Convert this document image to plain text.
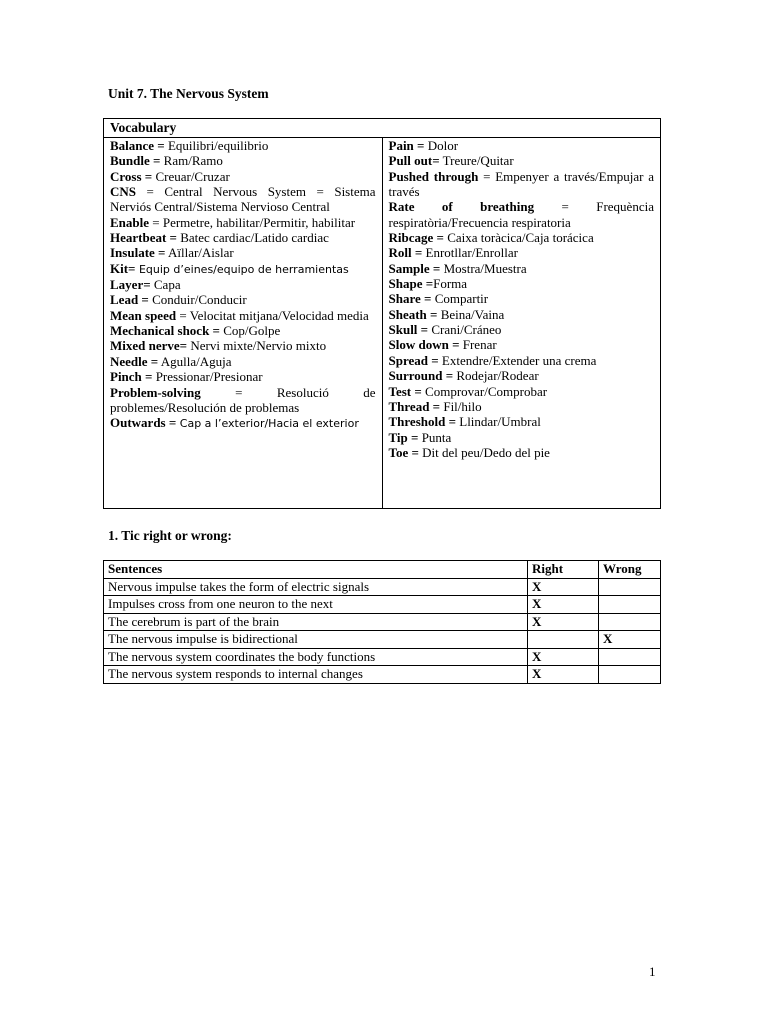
Unit 7. The Nervous System
Vocabulary

Balance = Equilibri/equilibrio
Bundle = Ram/Ramo
Cross = Creuar/Cruzar
CNS = Central Nervous System = Sistema Nerviós Central/Sistema Nervioso Central
Enable = Permetre, habilitar/Permitir, habilitar
Heartbeat = Batec cardiac/Latido cardiac
Insulate = Aïllar/Aislar
Kit= Equip d’eines/equipo de herramientas
Layer= Capa
Lead = Conduir/Conducir
Mean speed = Velocitat mitjana/Velocidad media
Mechanical shock = Cop/Golpe
Mixed nerve= Nervi mixte/Nervio mixto
Needle = Agulla/Aguja
Pinch = Pressionar/Presionar
Problem-solving = Resolució de problemes/Resolución de problemas
Outwards = Cap a l’exterior/Hacia el exterior

Pain = Dolor
Pull out= Treure/Quitar
Pushed through = Empenyer a través/Empujar a través
Rate of breathing = Frequència respiratòria/Frecuencia respiratoria
Ribcage = Caixa toràcica/Caja torácica
Roll = Enrotllar/Enrollar
Sample = Mostra/Muestra
Shape =Forma
Share = Compartir
Sheath = Beina/Vaina
Skull = Crani/Cráneo
Slow down = Frenar
Spread = Extendre/Extender una crema
Surround = Rodejar/Rodear
Test = Comprovar/Comprobar
Thread = Fil/hilo
Threshold = Llindar/Umbral
Tip = Punta
Toe = Dit del peu/Dedo del pie
1. Tic right or wrong:
Sentences	Right	Wrong
Nervous impulse takes the form of electric signals	X	
Impulses cross from one neuron to the next	X	
The cerebrum is part of the brain	X	
The nervous impulse is bidirectional		X
The nervous system coordinates the body functions	X	
The nervous system responds to internal changes	X	
1
